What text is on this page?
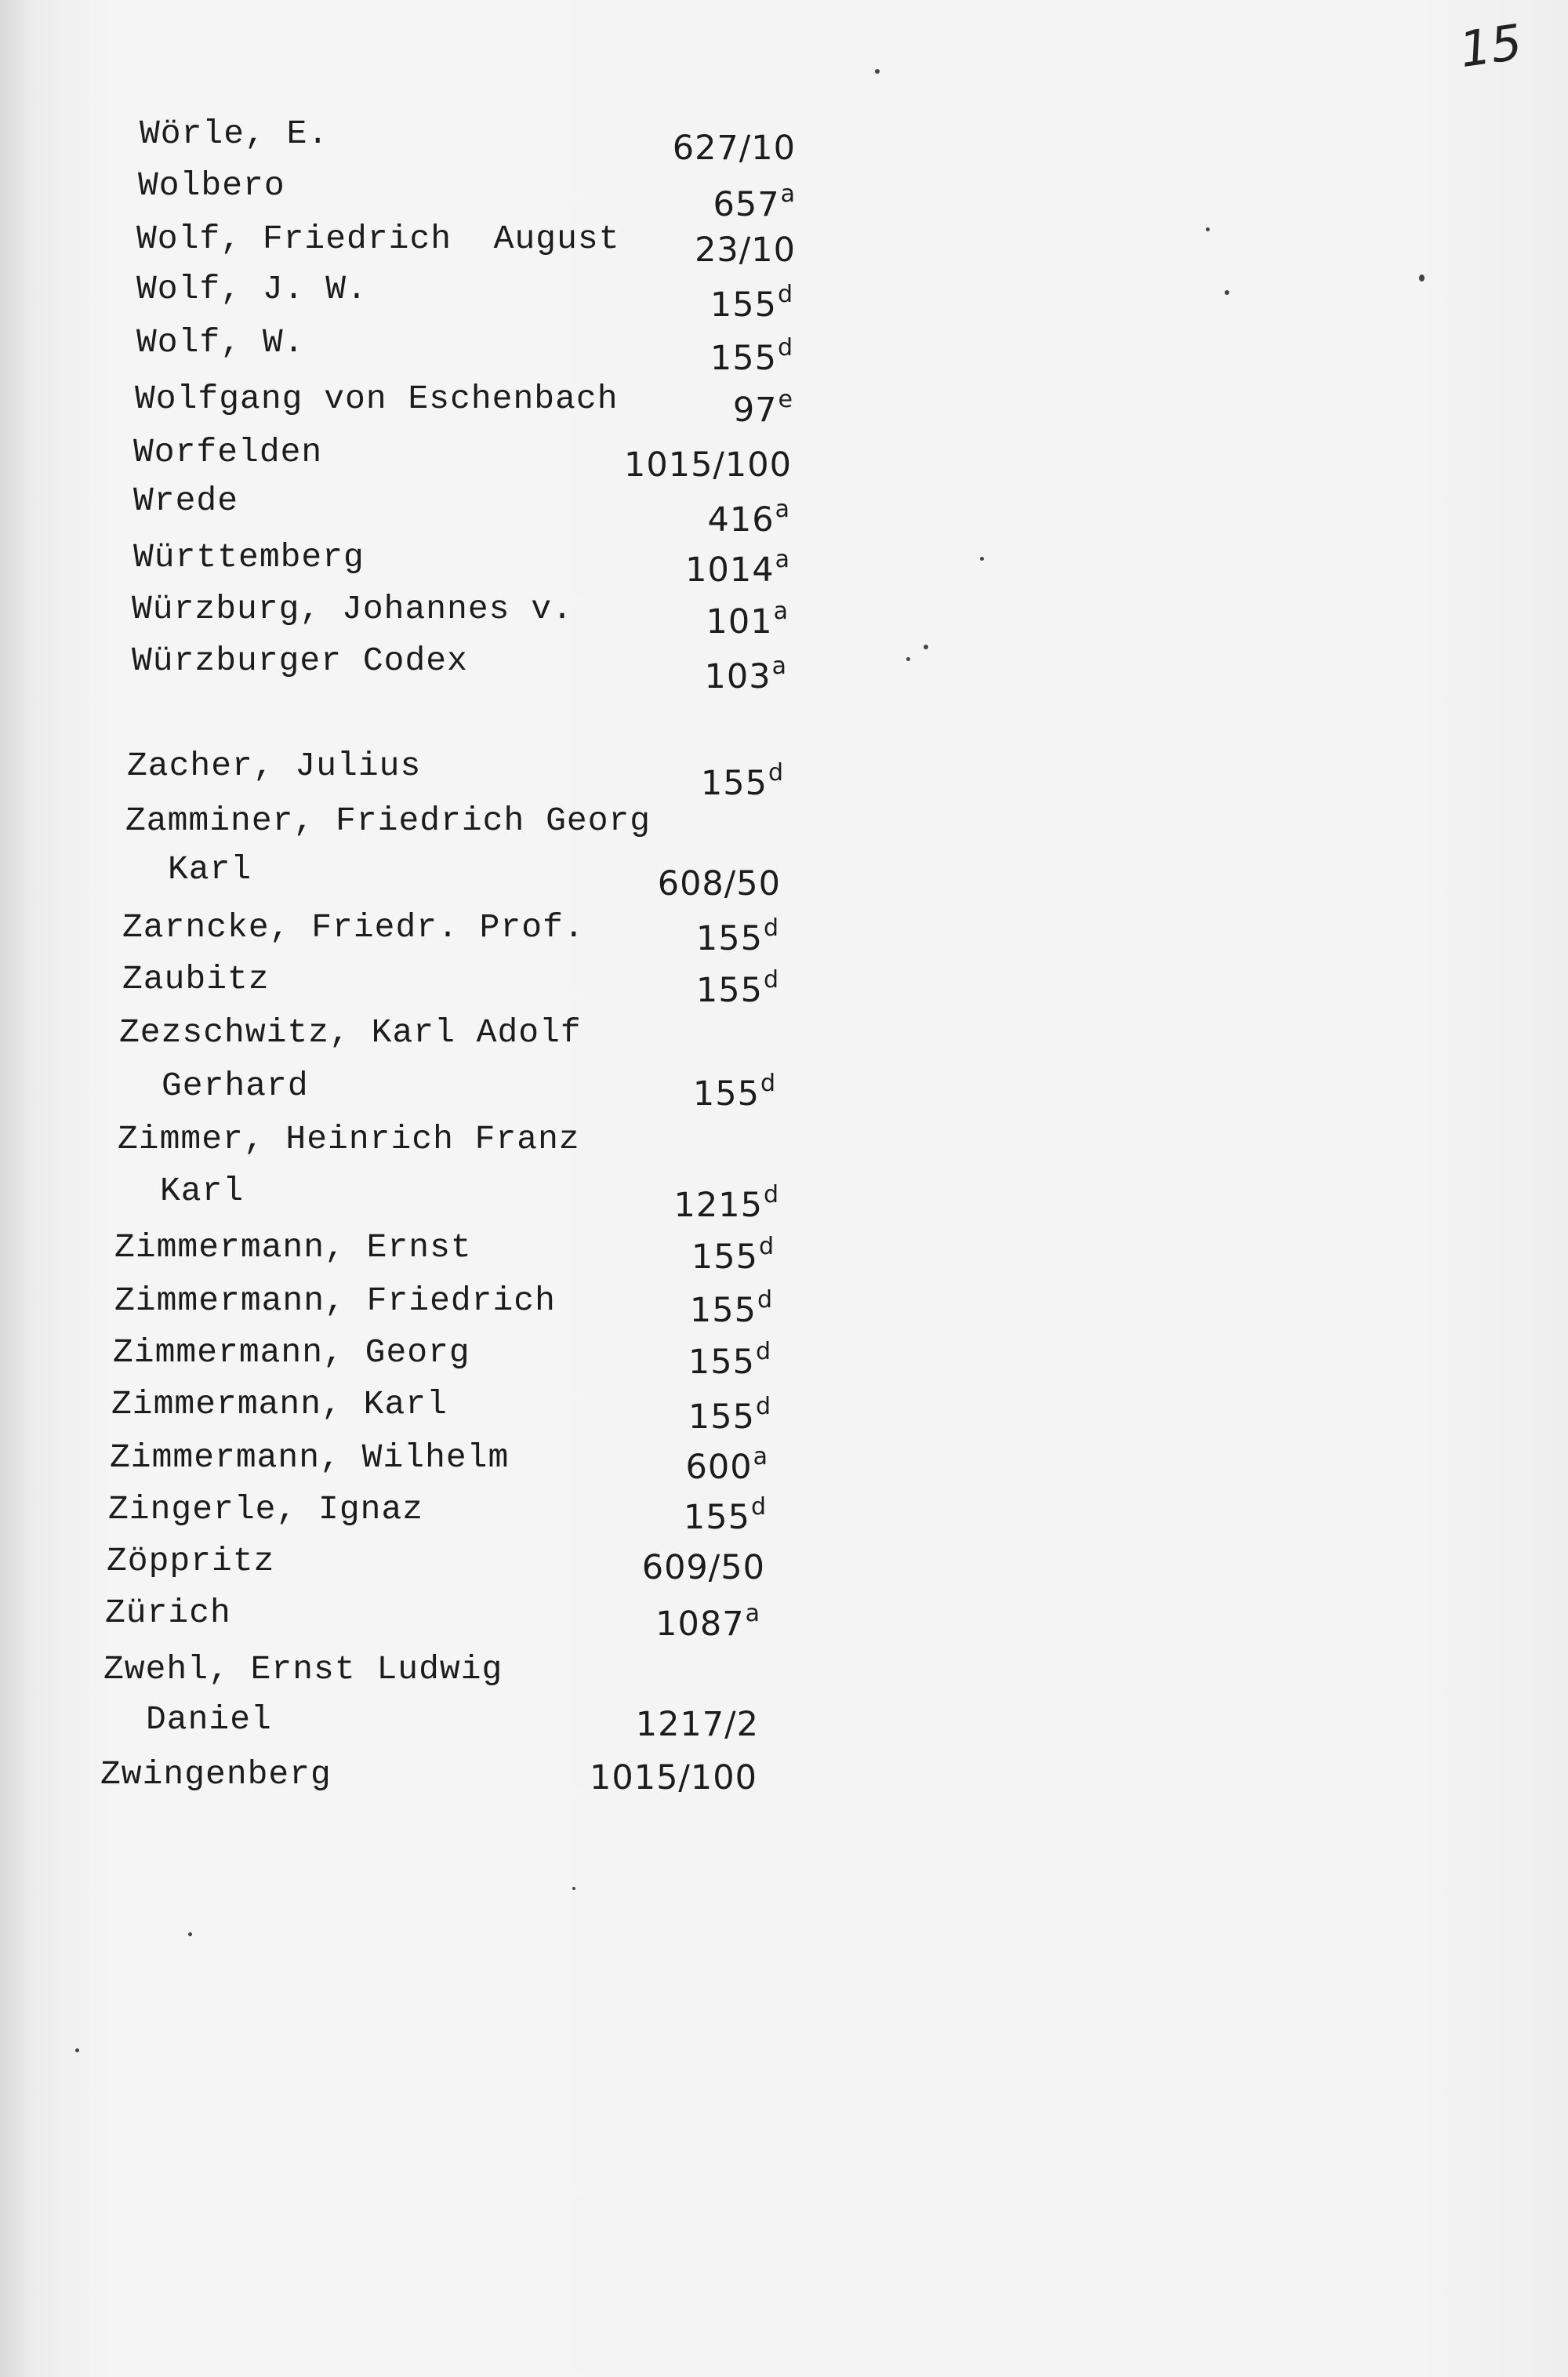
15
Wörle, E.	627/10
Wolbero	657$^a$
Wolf, Friedrich  August 23/10
Wolf, J. W.	155$^d$
Wolf, W.	155$^d$
Wolfgang von Eschenbach	97e
Worfelden	1015/100
Wrede	416$^a$
Württemberg	1014$^a$
Würzburg, Johannes v.	101$^a$
Würzburger Codex	103$^a$
Zacher, Julius	155$^d$
Zamminer, Friedrich Georg
Karl	608/50
Zarncke, Friedr. Prof.	155$^d$
Zaubitz	155$^d$
Zezschwitz, Karl Adolf
Gerhard	155$^d$
Zimmer, Heinrich Franz
Karl	1215$^d$
Zimmermann, Ernst	155$^d$
Zimmermann, Friedrich	155$^d$
Zimmermann, Georg	155$^d$
Zimmermann, Karl	155$^d$
Zimmermann, Wilhelm	600$^a$
Zingerle, Ignaz	155$^d$
Zöppritz	609/50
Zürich	1087$^a$
Zwehl, Ernst Ludwig
Daniel	1217/2
Zwingenberg	1015/100
